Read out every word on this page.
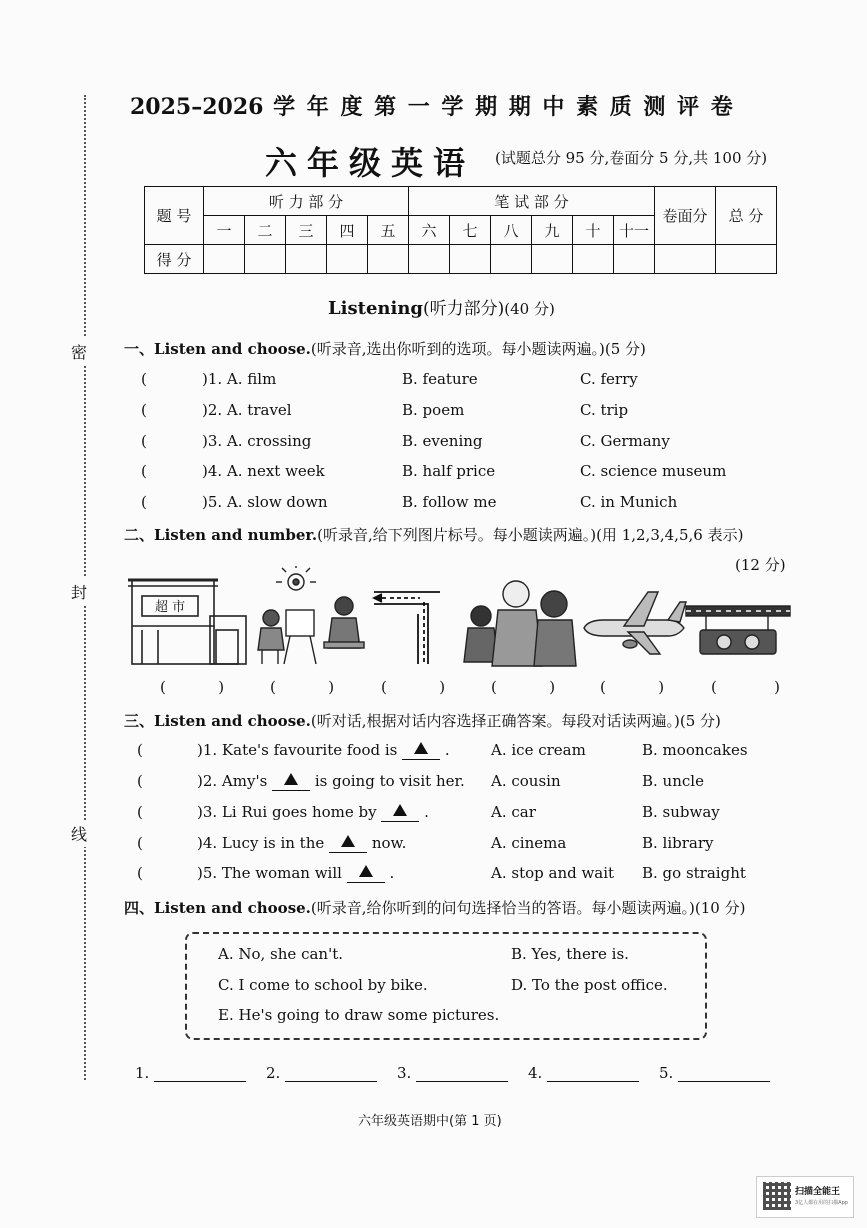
密
封
线
2025–2026 学 年 度 第 一 学 期 期 中 素 质 测 评 卷
六年级英语 (试题总分 95 分,卷面分 5 分,共 100 分)
题 号	听 力 部 分					笔 试 部 分						卷面分	总 分
	一	二	三	四	五	六	七	八	九	十	十一		
得 分													
Listening(听力部分)(40 分)
一、Listen and choose.(听录音,选出你听到的选项。每小题读两遍。)(5 分)
(	)1. A. film	B. feature	C. ferry
(	)2. A. travel	B. poem	C. trip
(	)3. A. crossing	B. evening	C. Germany
(	)4. A. next week	B. half price	C. science museum
(	)5. A. slow down	B. follow me	C. in Munich
二、Listen and number.(听录音,给下列图片标号。每小题读两遍。)(用 1,2,3,4,5,6 表示)
(12 分)
超 市
(           )	(           )	(           )	(           )	(           )	(            )
三、Listen and choose.(听对话,根据对话内容选择正确答案。每段对话读两遍。)(5 分)
(	)1. Kate's favourite food is	.	A. ice cream	B. mooncakes
(	)2. Amy's	is going to visit her. A. cousin	B. uncle
(	)3. Li Rui goes home by	.	A. car	B. subway
(	)4. Lucy is in the	now.	A. cinema	B. library
(	)5. The woman will	.	A. stop and wait B. go straight
四、Listen and choose.(听录音,给你听到的问句选择恰当的答语。每小题读两遍。)(10 分)
A. No, she can't.	B. Yes, there is.
C. I come to school by bike.	D. To the post office.
E. He's going to draw some pictures.
1.	2.	3.	4.	5.
六年级英语期中(第 1 页)
扫描全能王
3亿人都在用的扫描App
